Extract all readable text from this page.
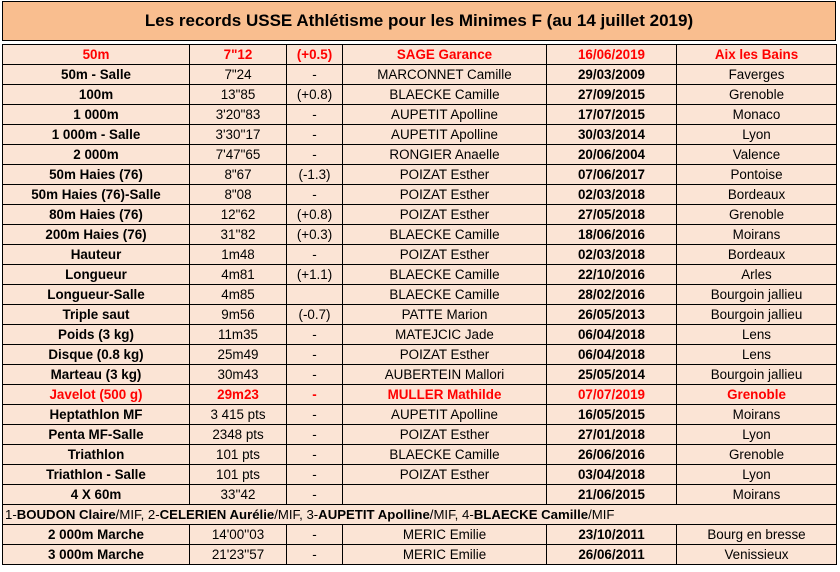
Les records USSE Athlétisme pour les Minimes F (au 14 juillet 2019)
50m	7"12	(+0.5)	SAGE Garance	16/06/2019	Aix les Bains
50m - Salle	7"24	-	MARCONNET Camille	29/03/2009	Faverges
100m	13"85	(+0.8)	BLAECKE Camille	27/09/2015	Grenoble
1 000m	3'20"83	-	AUPETIT Apolline	17/07/2015	Monaco
1 000m - Salle	3'30''17	-	AUPETIT Apolline	30/03/2014	Lyon
2 000m	7'47"65	-	RONGIER Anaelle	20/06/2004	Valence
50m Haies (76)	8"67	(-1.3)	POIZAT Esther	07/06/2017	Pontoise
50m Haies (76)-Salle	8"08	-	POIZAT Esther	02/03/2018	Bordeaux
80m Haies (76)	12"62	(+0.8)	POIZAT Esther	27/05/2018	Grenoble
200m Haies (76)	31''82	(+0.3)	BLAECKE Camille	18/06/2016	Moirans
Hauteur	1m48	-	POIZAT Esther	02/03/2018	Bordeaux
Longueur	4m81	(+1.1)	BLAECKE Camille	22/10/2016	Arles
Longueur-Salle	4m85		BLAECKE Camille	28/02/2016	Bourgoin jallieu
Triple saut	9m56	(-0.7)	PATTE Marion	26/05/2013	Bourgoin jallieu
Poids (3 kg)	11m35	-	MATEJCIC Jade	06/04/2018	Lens
Disque (0.8 kg)	25m49	-	POIZAT Esther	06/04/2018	Lens
Marteau (3 kg)	30m43	-	AUBERTEIN Mallori	25/05/2014	Bourgoin jallieu
Javelot (500 g)	29m23	-	MULLER Mathilde	07/07/2019	Grenoble
Heptathlon MF	3 415 pts	-	AUPETIT Apolline	16/05/2015	Moirans
Penta MF-Salle	2348 pts	-	POIZAT Esther	27/01/2018	Lyon
Triathlon	101 pts	-	BLAECKE Camille	26/06/2016	Grenoble
Triathlon - Salle	101 pts	-	POIZAT Esther	03/04/2018	Lyon
4 X 60m	33''42	-		21/06/2015	Moirans
1-BOUDON Claire/MIF, 2-CELERIEN Aurélie/MIF, 3-AUPETIT Apolline/MIF, 4-BLAECKE Camille/MIF					
2 000m Marche	14'00''03	-	MERIC Emilie	23/10/2011	Bourg en bresse
3 000m Marche	21'23''57	-	MERIC Emilie	26/06/2011	Venissieux
